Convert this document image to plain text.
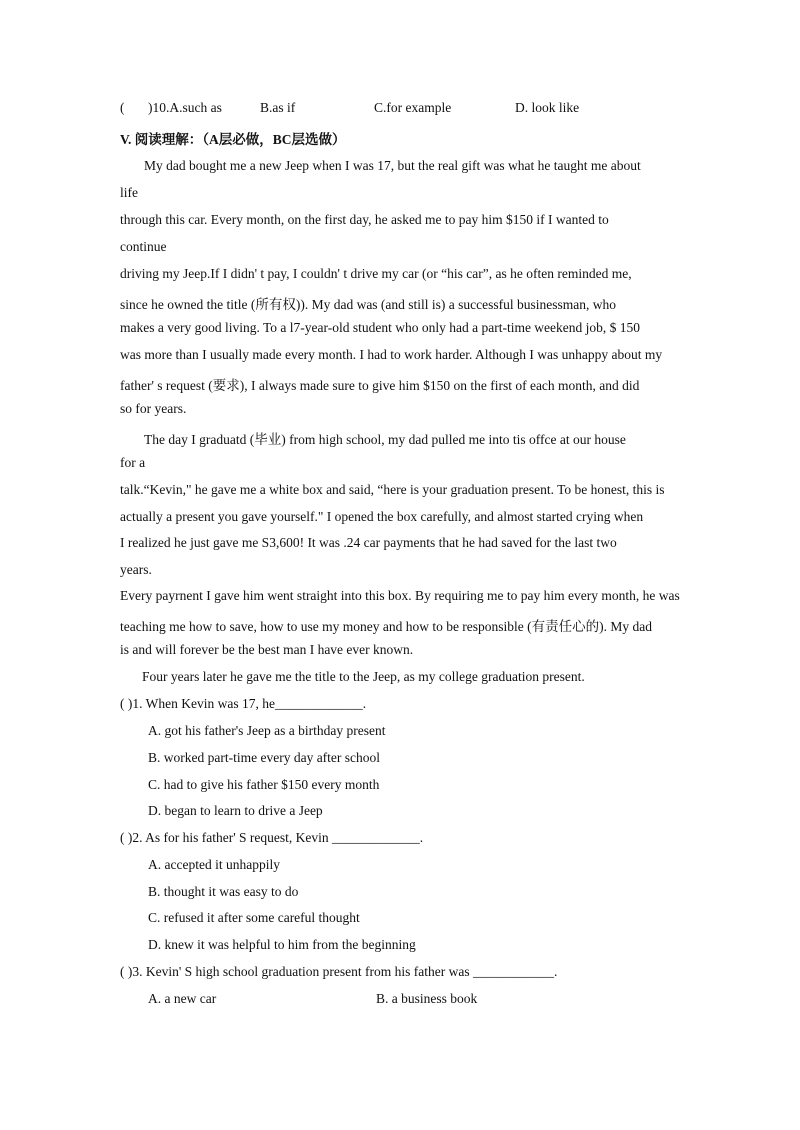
( )10.A.such as	B.as if	C.for example	D. look like
V. 阅读理解：（A层必做，BC层选做）
My dad bought me a new Jeep when I was 17, but the real gift was what he taught me about
life
through this car. Every month, on the first day, he asked me to pay him $150 if I wanted to
continue
driving my Jeep.If I didn' t pay, I couldn' t drive my car (or “his car”, as he often reminded me,
since he owned the title (所有权)). My dad was (and still is) a successful businessman, who
makes a very good living. To a l7-year-old student who only had a part-time weekend job, $ 150
was more than I usually made every month. I had to work harder. Although I was unhappy about my
father' s request (要求), I always made sure to give him $150 on the first of each month, and did
so for years.
The day I graduatd (毕业) from high school, my dad pulled me into tis offce at our house
for a
talk.“Kevin," he gave me a white box and said, “here is your graduation present. To be honest, this is
actually a present you gave yourself." I opened the box carefully, and almost started crying when
I realized he just gave me S3,600! It was .24 car payments that he had saved for the last two
years.
Every payrnent I gave him went straight into this box. By requiring me to pay him every month, he was
teaching me how to save, how to use my money and how to be responsible (有责任心的). My dad
is and will forever be the best man I have ever known.
Four years later he gave me the title to the Jeep, as my college graduation present.
( )1. When Kevin was 17, he_____________.
A. got his father's Jeep as a birthday present
B. worked part-time every day after school
C. had to give his father $150 every month
D. began to learn to drive a Jeep
( )2. As for his father' S request, Kevin _____________.
A. accepted it unhappily
B. thought it was easy to do
C. refused it after some careful thought
D. knew it was helpful to him from the beginning
( )3. Kevin' S high school graduation present from his father was ____________.
A. a new car	B. a business book
